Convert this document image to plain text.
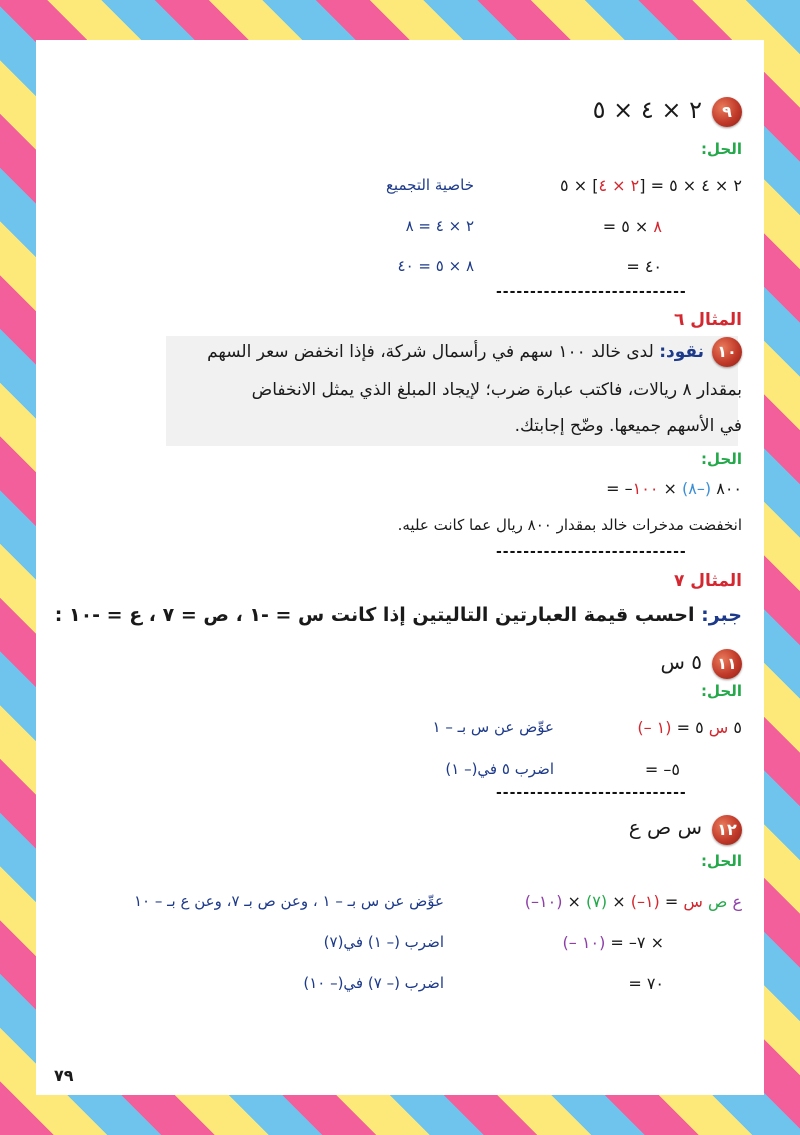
٩
٢ × ٤ × ٥
الحل:
٢ × ٤ × ٥ = [٢ × ٤] × ٥
خاصية التجميع
= ٨ × ٥
٢ × ٤ = ٨
= ٤٠
٨ × ٥ = ٤٠
----------------------------
المثال ٦
١٠
نقود: لدى خالد ١٠٠ سهم في رأسمال شركة، فإذا انخفض سعر السهم
بمقدار ٨ ريالات، فاكتب عبارة ضرب؛ لإيجاد المبلغ الذي يمثل الانخفاض
في الأسهم جميعها. وضّح إجابتك.
الحل:
= –٨٠٠ (–٨) × ١٠٠
انخفضت مدخرات خالد بمقدار ٨٠٠ ريال عما كانت عليه.
----------------------------
المثال ٧
جبر: احسب قيمة العبارتين التاليتين إذا كانت س = -١ ، ص = ٧ ، ع = -١٠ :
١١
٥ س
الحل:
(– ١) = ٥ س ٥
عوِّض عن س بـ – ١
= –٥
اضرب ٥ في(– ١)
----------------------------
١٢
س ص ع
الحل:
(–١٠) × (٧) × (–١) =	ع ص س
عوِّض عن س بـ – ١ ، وعن ص بـ ٧، وعن ع بـ – ١٠
(– ١٠) = –٧ ×
اضرب (– ١) في(٧)
= ٧٠
اضرب (– ٧) في(– ١٠)
٧٩
